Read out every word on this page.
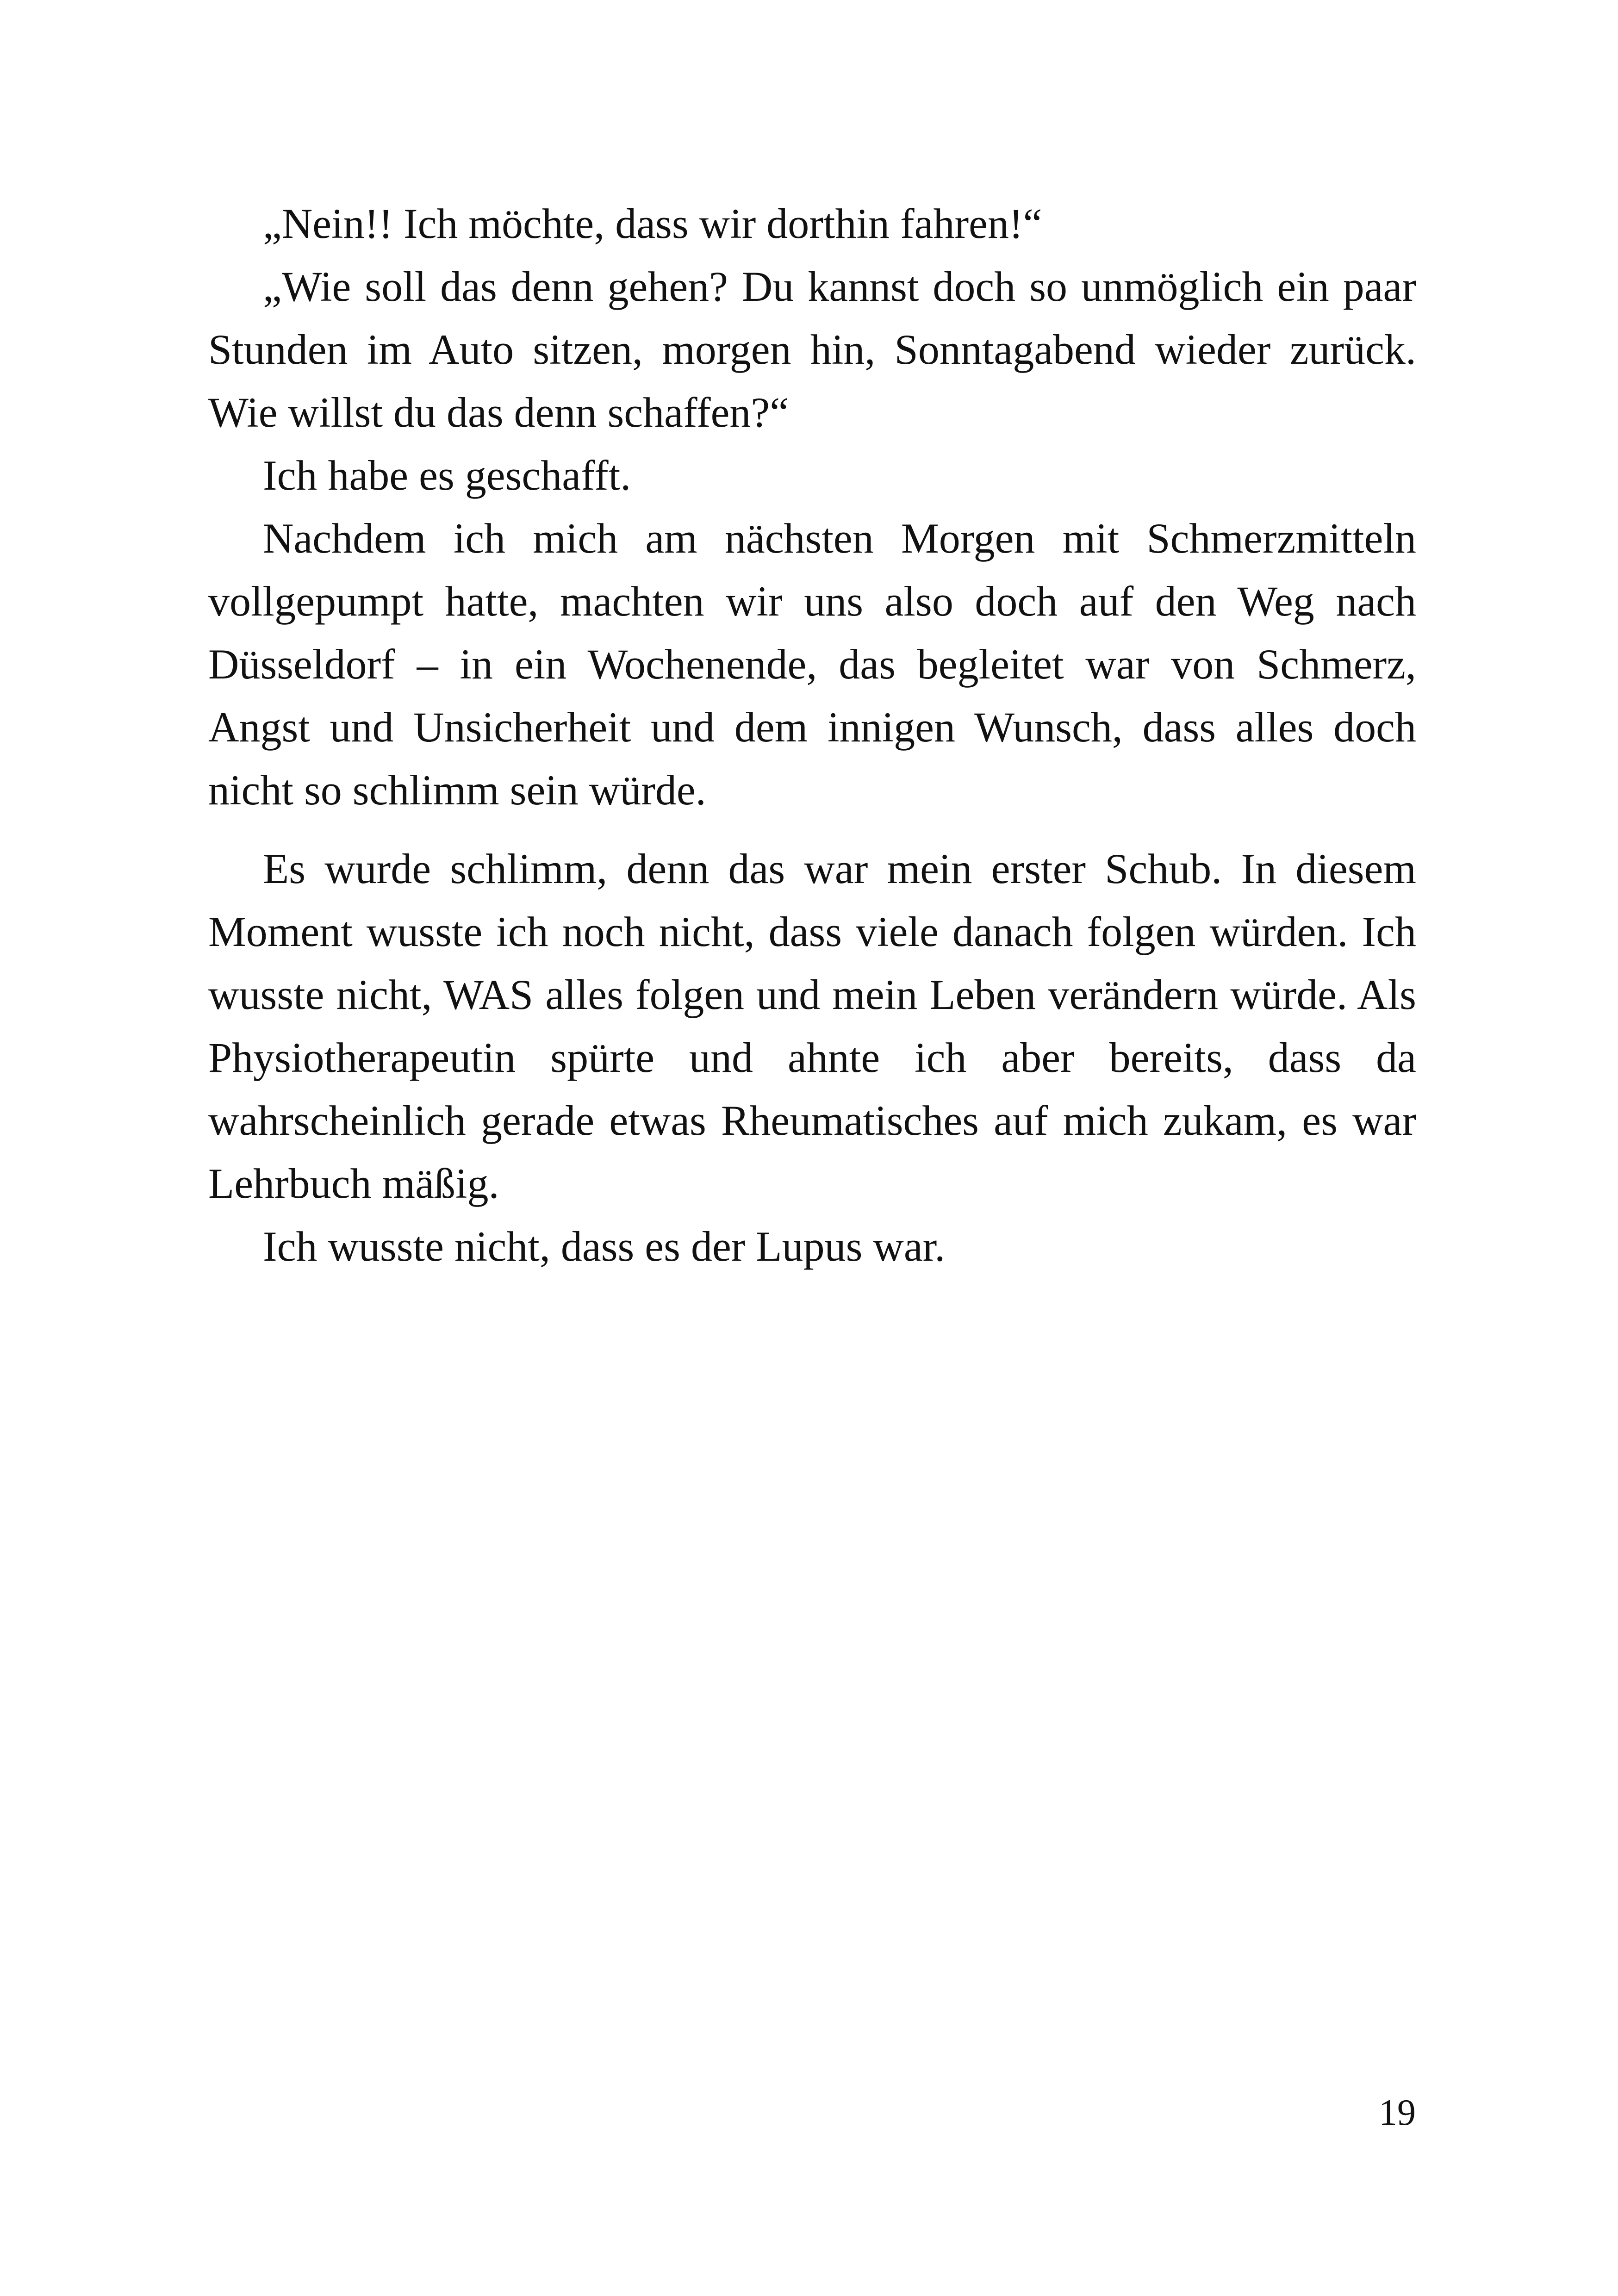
„Nein!! Ich möchte, dass wir dorthin fahren!“

„Wie soll das denn gehen? Du kannst doch so unmöglich ein paar Stunden im Auto sitzen, morgen hin, Sonntagabend wieder zurück. Wie willst du das denn schaffen?“

Ich habe es geschafft.

Nachdem ich mich am nächsten Morgen mit Schmerzmitteln vollgepumpt hatte, machten wir uns also doch auf den Weg nach Düsseldorf – in ein Wochenende, das begleitet war von Schmerz, Angst und Unsicherheit und dem innigen Wunsch, dass alles doch nicht so schlimm sein würde.

Es wurde schlimm, denn das war mein erster Schub. In diesem Moment wusste ich noch nicht, dass viele danach folgen würden. Ich wusste nicht, WAS alles folgen und mein Leben verändern würde. Als Physiotherapeutin spürte und ahnte ich aber bereits, dass da wahrscheinlich gerade etwas Rheumatisches auf mich zukam, es war Lehrbuch mäßig.

Ich wusste nicht, dass es der Lupus war.

19
